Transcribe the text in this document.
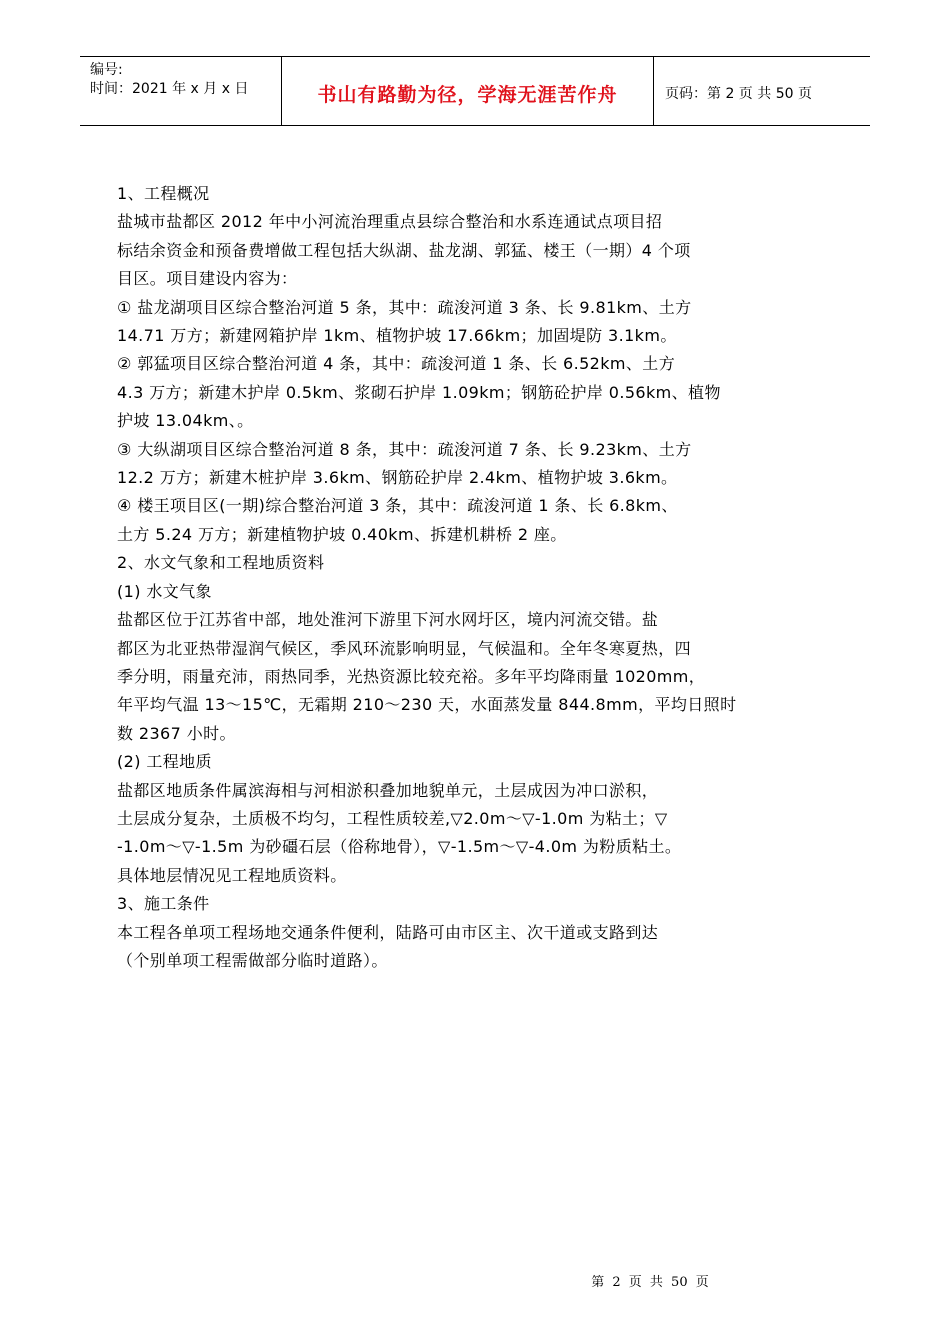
编号:
时间：2021 年 x 月 x 日	书山有路勤为径，学海无涯苦作舟	页码：第 2 页 共 50 页

1、工程概况

盐城市盐都区 2012 年中小河流治理重点县综合整治和水系连通试点项目招

标结余资金和预备费增做工程包括大纵湖、盐龙湖、郭猛、楼王（一期）4 个项

目区。项目建设内容为：

① 盐龙湖项目区综合整治河道 5 条，其中：疏浚河道 3 条、长 9.81km、土方

14.71 万方；新建网箱护岸 1km、植物护坡 17.66km；加固堤防 3.1km。

② 郭猛项目区综合整治河道 4 条，其中：疏浚河道 1 条、长 6.52km、土方

4.3 万方；新建木护岸 0.5km、浆砌石护岸 1.09km；钢筋砼护岸 0.56km、植物

护坡 13.04km、。

③ 大纵湖项目区综合整治河道 8 条，其中：疏浚河道 7 条、长 9.23km、土方

12.2 万方；新建木桩护岸 3.6km、钢筋砼护岸 2.4km、植物护坡 3.6km。

④ 楼王项目区(一期)综合整治河道 3 条，其中：疏浚河道 1 条、长 6.8km、

土方 5.24 万方；新建植物护坡 0.40km、拆建机耕桥 2 座。

2、水文气象和工程地质资料

(1) 水文气象

盐都区位于江苏省中部，地处淮河下游里下河水网圩区，境内河流交错。盐

都区为北亚热带湿润气候区，季风环流影响明显，气候温和。全年冬寒夏热，四

季分明，雨量充沛，雨热同季，光热资源比较充裕。多年平均降雨量 1020mm，

年平均气温 13～15℃，无霜期 210～230 天，水面蒸发量 844.8mm，平均日照时

数 2367 小时。

(2) 工程地质

盐都区地质条件属滨海相与河相淤积叠加地貌单元，土层成因为冲口淤积，

土层成分复杂，土质极不均匀，工程性质较差,▽2.0m～▽-1.0m 为粘土；▽

-1.0m～▽-1.5m 为砂礓石层（俗称地骨），▽-1.5m～▽-4.0m 为粉质粘土。

具体地层情况见工程地质资料。

3、施工条件

本工程各单项工程场地交通条件便利，陆路可由市区主、次干道或支路到达

（个别单项工程需做部分临时道路）。

第 2 页 共 50 页
